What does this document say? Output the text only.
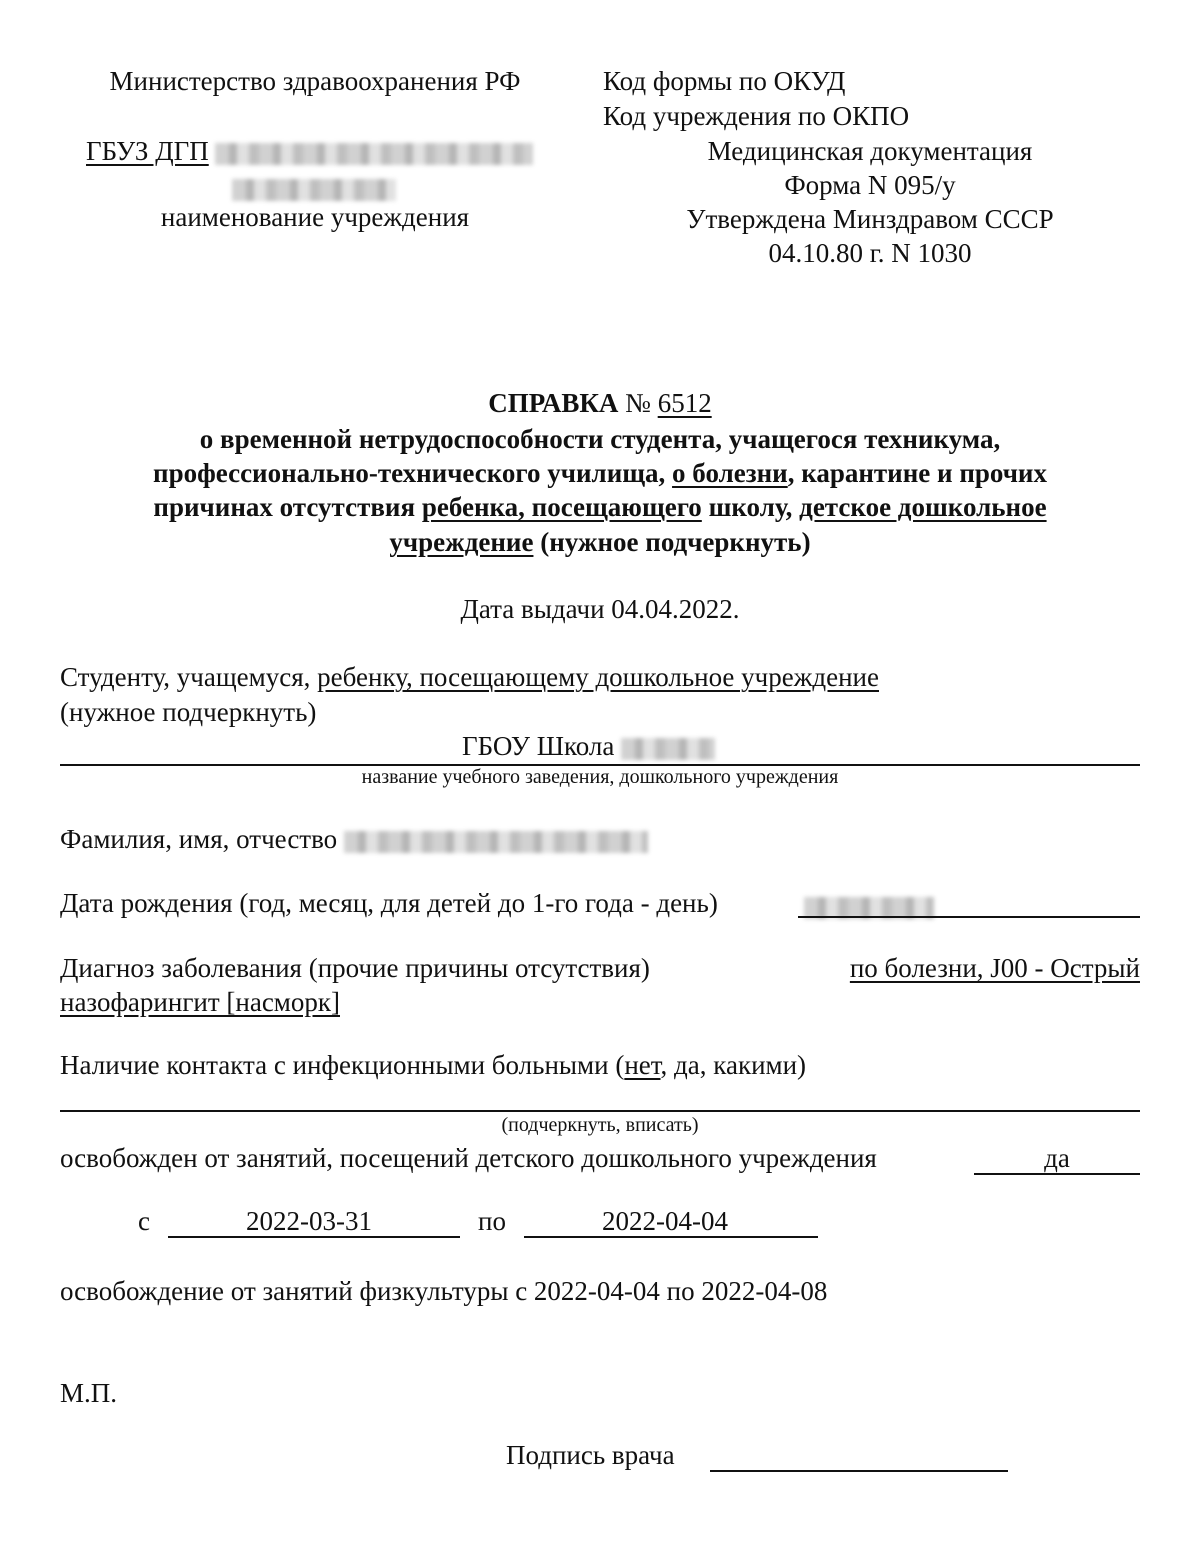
Министерство здравоохранения РФ
ГБУЗ ДГП
наименование учреждения
Код формы по ОКУД
Код учреждения по ОКПО
Медицинская документация
Форма N 095/у
Утверждена Минздравом СССР
04.10.80 г. N 1030
СПРАВКА № 6512
о временной нетрудоспособности студента, учащегося техникума,
профессионально-технического училища, о болезни, карантине и прочих
причинах отсутствия ребенка, посещающего школу, детское дошкольное
учреждение (нужное подчеркнуть)
Дата выдачи 04.04.2022.
Студенту, учащемуся, ребенку, посещающему дошкольное учреждение
(нужное подчеркнуть)
ГБОУ Школа
название учебного заведения, дошкольного учреждения
Фамилия, имя, отчество
Дата рождения (год, месяц, для детей до 1-го года - день)
Диагноз заболевания (прочие причины отсутствия)	по болезни, J00 - Острый
назофарингит [насморк]
Наличие контакта с инфекционными больными (нет, да, какими)
(подчеркнуть, вписать)
освобожден от занятий, посещений детского дошкольного учреждения	да
с	2022-03-31	по	2022-04-04
освобождение от занятий физкультуры с 2022-04-04 по 2022-04-08
М.П.
Подпись врача
